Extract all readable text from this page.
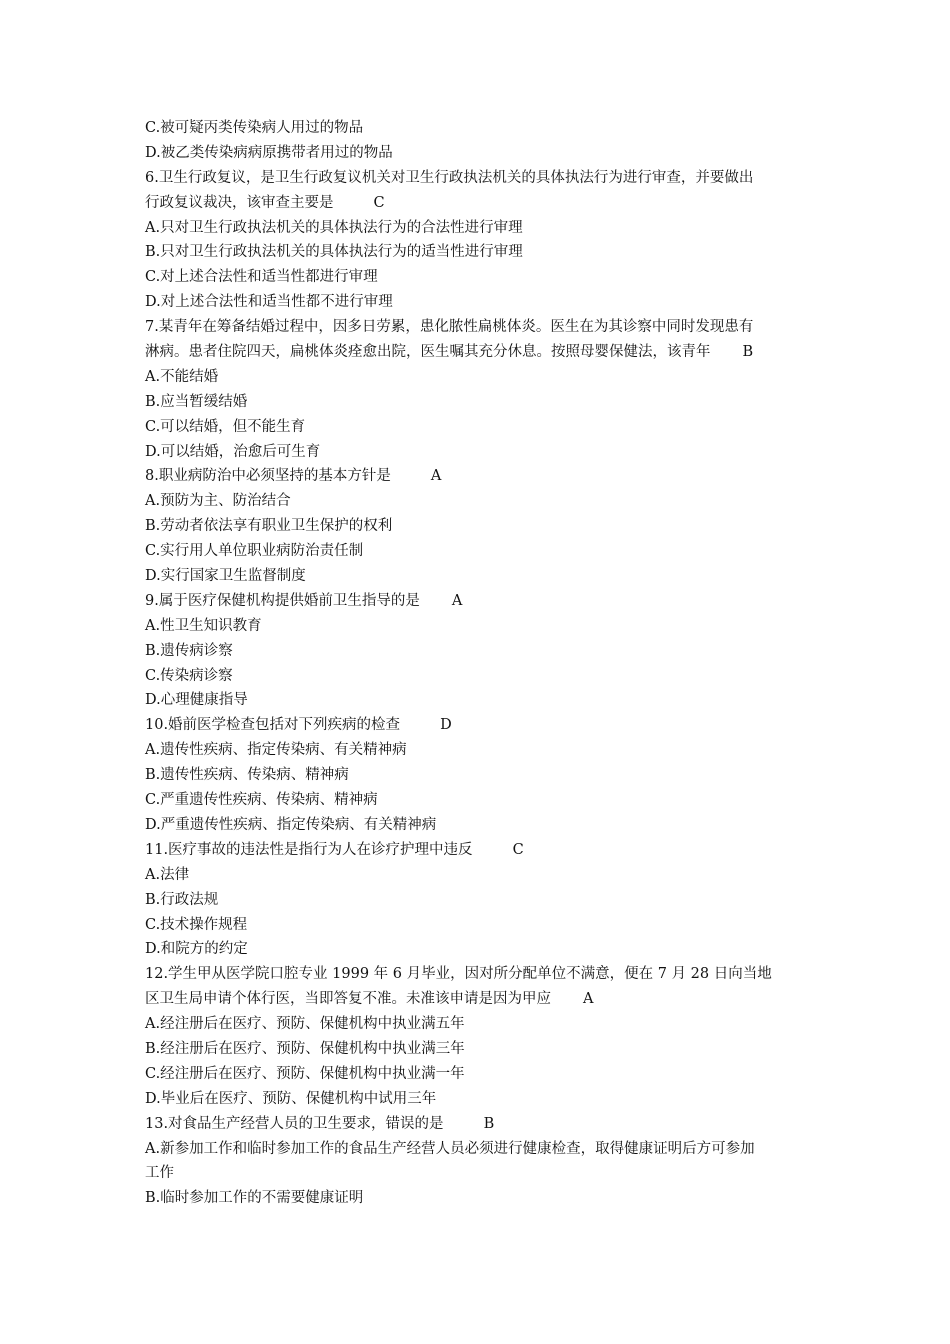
C.被可疑丙类传染病人用过的物品
D.被乙类传染病病原携带者用过的物品
6.卫生行政复议，是卫生行政复议机关对卫生行政执法机关的具体执法行为进行审查，并要做出
行政复议裁决，该审查主要是	C
A.只对卫生行政执法机关的具体执法行为的合法性进行审理
B.只对卫生行政执法机关的具体执法行为的适当性进行审理
C.对上述合法性和适当性都进行审理
D.对上述合法性和适当性都不进行审理
7.某青年在筹备结婚过程中，因多日劳累，患化脓性扁桃体炎。医生在为其诊察中同时发现患有
淋病。患者住院四天，扁桃体炎痊愈出院，医生嘱其充分休息。按照母婴保健法，该青年 B
A.不能结婚
B.应当暂缓结婚
C.可以结婚，但不能生育
D.可以结婚，治愈后可生育
8.职业病防治中必须坚持的基本方针是	A
A.预防为主、防治结合
B.劳动者依法享有职业卫生保护的权利
C.实行用人单位职业病防治责任制
D.实行国家卫生监督制度
9.属于医疗保健机构提供婚前卫生指导的是 A
A.性卫生知识教育
B.遗传病诊察
C.传染病诊察
D.心理健康指导
10.婚前医学检查包括对下列疾病的检查	D
A.遗传性疾病、指定传染病、有关精神病
B.遗传性疾病、传染病、精神病
C.严重遗传性疾病、传染病、精神病
D.严重遗传性疾病、指定传染病、有关精神病
11.医疗事故的违法性是指行为人在诊疗护理中违反	C
A.法律
B.行政法规
C.技术操作规程
D.和院方的约定
12.学生甲从医学院口腔专业 1999 年 6 月毕业，因对所分配单位不满意，便在 7 月 28 日向当地
区卫生局申请个体行医，当即答复不准。未准该申请是因为甲应 A
A.经注册后在医疗、预防、保健机构中执业满五年
B.经注册后在医疗、预防、保健机构中执业满三年
C.经注册后在医疗、预防、保健机构中执业满一年
D.毕业后在医疗、预防、保健机构中试用三年
13.对食品生产经营人员的卫生要求，错误的是	B
A.新参加工作和临时参加工作的食品生产经营人员必须进行健康检查，取得健康证明后方可参加
工作
B.临时参加工作的不需要健康证明
